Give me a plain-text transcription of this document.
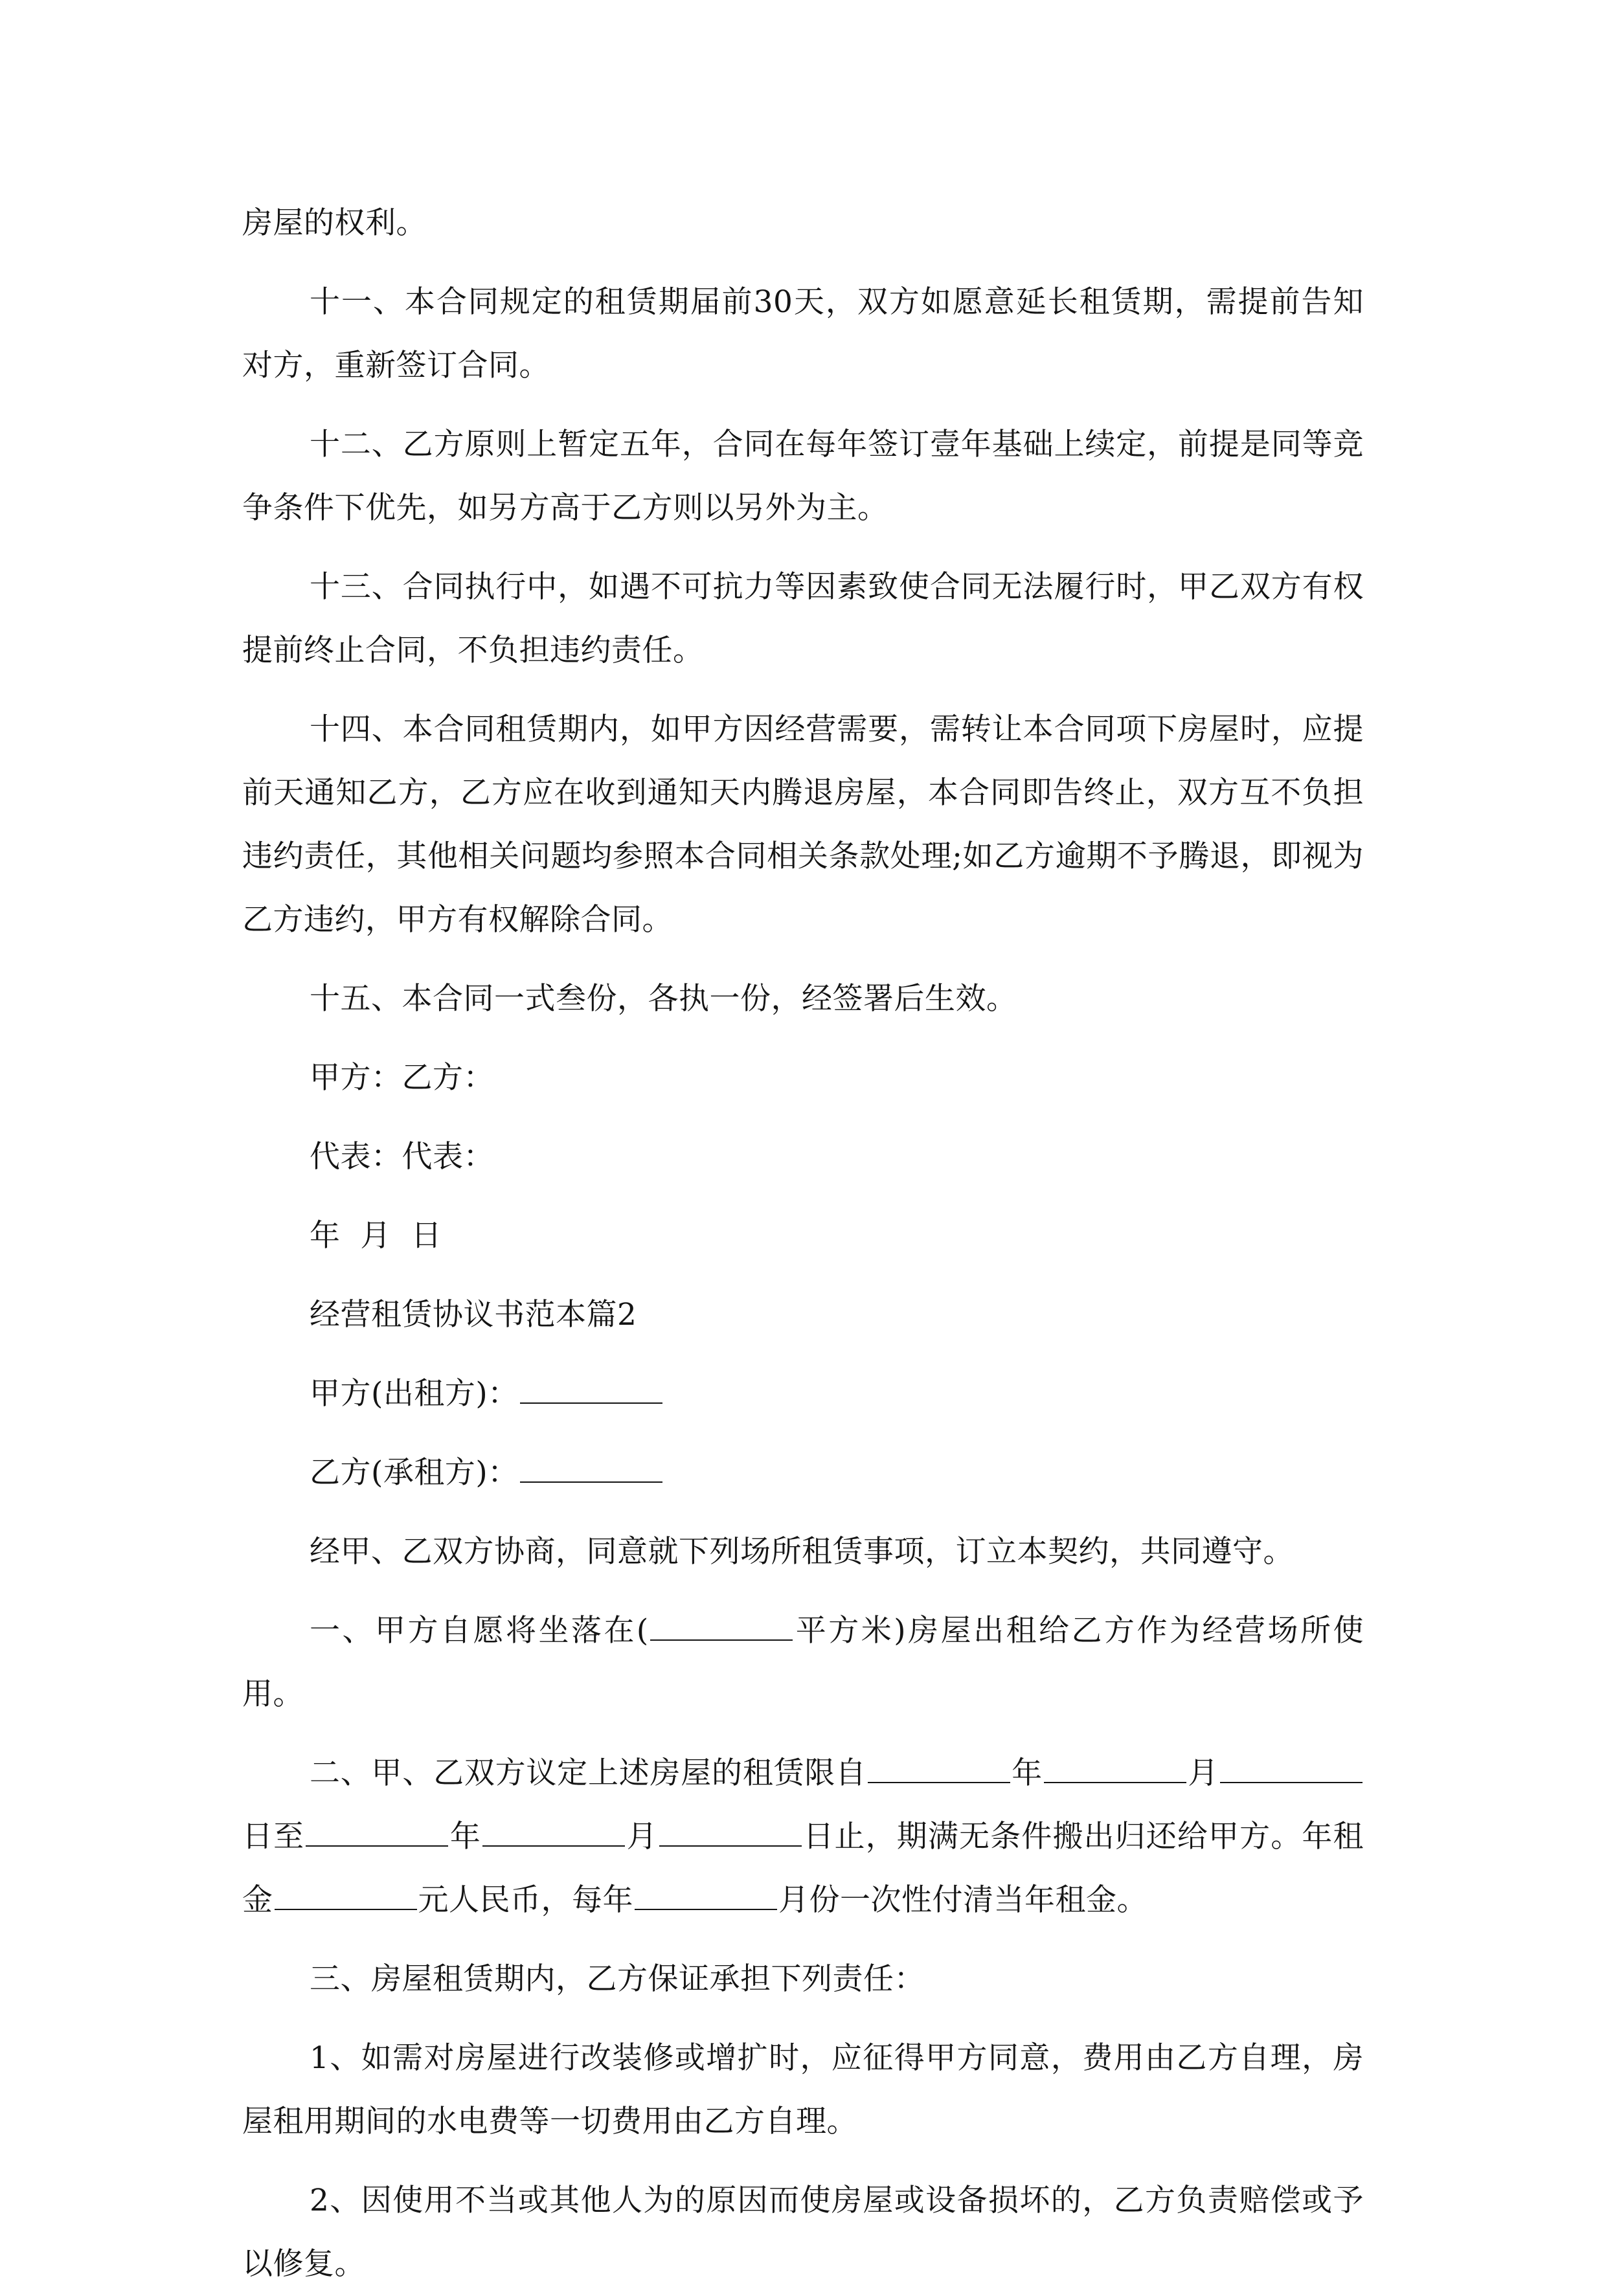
房屋的权利。

十一、本合同规定的租赁期届前30天，双方如愿意延长租赁期，需提前告知对方，重新签订合同。

十二、乙方原则上暂定五年，合同在每年签订壹年基础上续定，前提是同等竞争条件下优先，如另方高于乙方则以另外为主。

十三、合同执行中，如遇不可抗力等因素致使合同无法履行时，甲乙双方有权提前终止合同，不负担违约责任。

十四、本合同租赁期内，如甲方因经营需要，需转让本合同项下房屋时，应提前天通知乙方，乙方应在收到通知天内腾退房屋，本合同即告终止，双方互不负担违约责任，其他相关问题均参照本合同相关条款处理;如乙方逾期不予腾退，即视为乙方违约，甲方有权解除合同。

十五、本合同一式叁份，各执一份，经签署后生效。

甲方：乙方：

代表：代表：

年  月  日

经营租赁协议书范本篇2

甲方(出租方)：

乙方(承租方)：

经甲、乙双方协商，同意就下列场所租赁事项，订立本契约，共同遵守。

一、甲方自愿将坐落在(	平方米)房屋出租给乙方作为经营场所使用。

二、甲、乙双方议定上述房屋的租赁限自	年	月日至	年	月	日止，期满无条件搬出归还给甲方。年租金	元人民币，每年	月份一次性付清当年租金。

三、房屋租赁期内，乙方保证承担下列责任：

1、如需对房屋进行改装修或增扩时，应征得甲方同意，费用由乙方自理，房屋租用期间的水电费等一切费用由乙方自理。

2、因使用不当或其他人为的原因而使房屋或设备损坏的，乙方负责赔偿或予以修复。
